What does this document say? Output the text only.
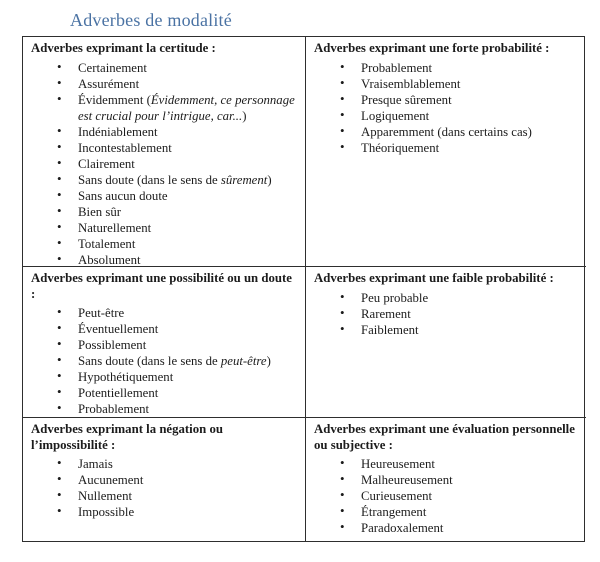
Adverbes de modalité
Adverbes exprimant la certitude :
• Certainement
• Assurément
• Évidemment (Évidemment, ce personnage est crucial pour l’intrigue, car...)
• Indéniablement
• Incontestablement
• Clairement
• Sans doute (dans le sens de sûrement)
• Sans aucun doute
• Bien sûr
• Naturellement
• Totalement
• Absolument
Adverbes exprimant une forte probabilité :
• Probablement
• Vraisemblablement
• Presque sûrement
• Logiquement
• Apparemment (dans certains cas)
• Théoriquement
Adverbes exprimant une possibilité ou un doute :
• Peut-être
• Éventuellement
• Possiblement
• Sans doute (dans le sens de peut-être)
• Hypothétiquement
• Potentiellement
• Probablement
Adverbes exprimant une faible probabilité :
• Peu probable
• Rarement
• Faiblement
Adverbes exprimant la négation ou l’impossibilité :
• Jamais
• Aucunement
• Nullement
• Impossible
Adverbes exprimant une évaluation personnelle ou subjective :
• Heureusement
• Malheureusement
• Curieusement
• Étrangement
• Paradoxalement
